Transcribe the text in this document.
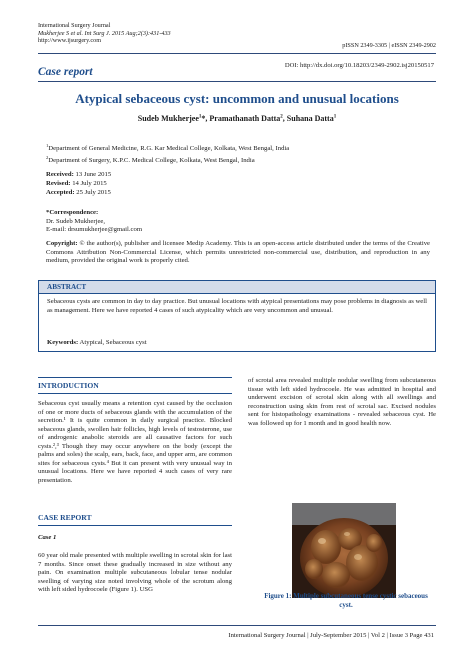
International Surgery Journal
Mukherjee S et al. Int Surg J. 2015 Aug;2(3):431-433
http://www.ijsurgery.com
pISSN 2349-3305 | eISSN 2349-2902
Case report
DOI: http://dx.doi.org/10.18203/2349-2902.isj20150517
Atypical sebaceous cyst: uncommon and unusual locations
Sudeb Mukherjee$^1$*, Pramathanath Datta$^2$, Suhana Datta$^1$
$^1$Department of General Medicine, R.G. Kar Medical College, Kolkata, West Bengal, India
$^2$Department of Surgery, K.P.C. Medical College, Kolkata, West Bengal, India
Received: 13 June 2015
Revised: 14 July 2015
Accepted: 25 July 2015
*Correspondence:
Dr. Sudeb Mukherjee,
E-mail: drsumukherjee@gmail.com
Copyright: © the author(s), publisher and licensee Medip Academy. This is an open-access article distributed under the terms of the Creative Commons Attribution Non-Commercial License, which permits unrestricted non-commercial use, distribution, and reproduction in any medium, provided the original work is properly cited.
ABSTRACT
Sebaceous cysts are common in day to day practice. But unusual locations with atypical presentations may pose problems in diagnosis as well as management. Here we have reported 4 cases of such atypicality which are very uncommon and unusual.
Keywords: Atypical, Sebaceous cyst
INTRODUCTION
Sebaceous cyst usually means a retention cyst caused by the occlusion of one or more ducts of sebaceous glands with the accumulation of the secretion.¹ It is quite common in daily surgical practice. Blocked sebaceous glands, swollen hair follicles, high levels of testosterone, use of androgenic anabolic steroids are all causative factors for such cysts.²,³ Though they may occur anywhere on the body (except the palms and soles) the scalp, ears, back, face, and upper arm, are common sites for sebaceous cysts.⁴ But it can present with very unusual way in unusual locations. Here we have reported 4 such cases of very rare presentation.
CASE REPORT
Case 1
60 year old male presented with multiple swelling in scrotal skin for last 7 months. Since onset these gradually increased in size without any pain. On examination multiple subcutaneous lobular tense nodular swelling of varying size noted involving whole of the scrotum along with left sided hydrocoele (Figure 1). USG
of scrotal area revealed multiple nodular swelling from subcutaneous tissue with left sided hydrocoele. He was admitted in hospital and underwent excision of scrotal skin along with all swellings and reconstruction using skin from rest of scrotal sac. Excised nodules sent for histopathology examinations - revealed sebaceous cyst. He was followed up for 1 month and in good health now.
Figure 1: Multiple subcutaneous tense cystic sebaceous cyst.
International Surgery Journal | July-September 2015 | Vol 2 | Issue 3 Page 431
